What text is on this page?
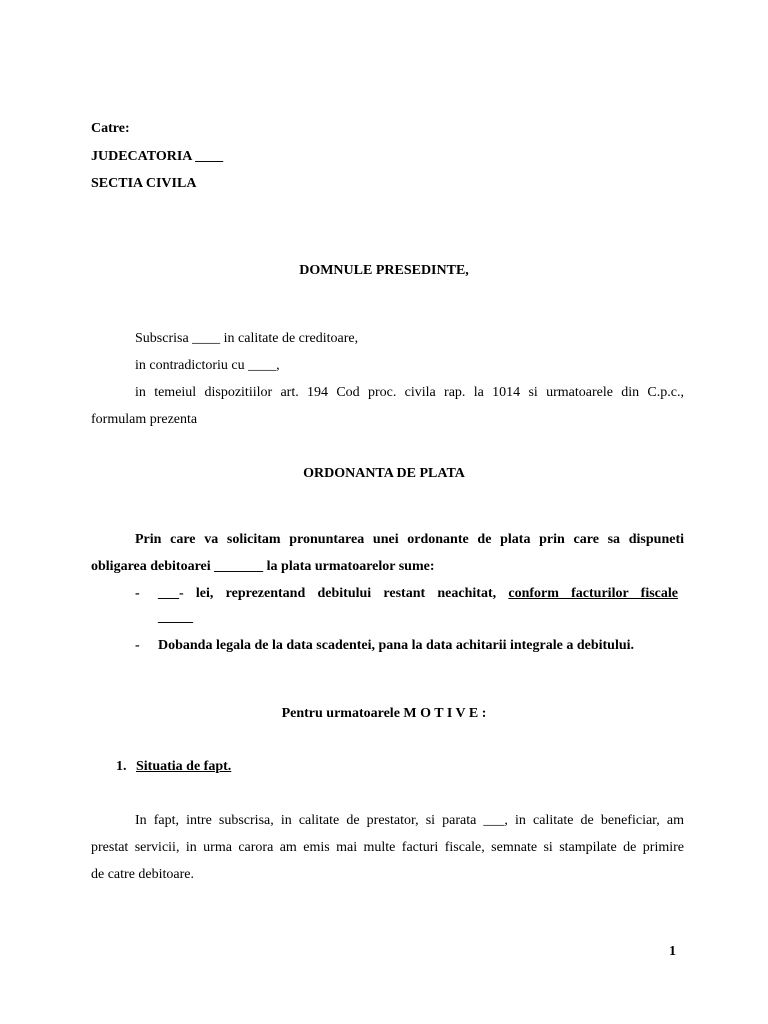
Catre:
JUDECATORIA ____
SECTIA CIVILA
DOMNULE PRESEDINTE,
Subscrisa ____ in calitate de creditoare,
in contradictoriu cu ____,
in temeiul dispozitiilor art. 194 Cod proc. civila rap. la 1014 si urmatoarele din C.p.c.,
formulam prezenta
ORDONANTA DE PLATA
Prin care va solicitam pronuntarea unei ordonante de plata prin care sa dispuneti
obligarea debitoarei _______ la plata urmatoarelor sume:
- ___- lei, reprezentand debitului restant neachitat, conform facturilor fiscale
_____
- Dobanda legala de la data scadentei, pana la data achitarii integrale a debitului.
Pentru urmatoarele M O T I V E :
1. Situatia de fapt.
In fapt, intre subscrisa, in calitate de prestator, si parata ___, in calitate de beneficiar, am
prestat servicii, in urma carora am emis mai multe facturi fiscale, semnate si stampilate de primire
de catre debitoare.
1
